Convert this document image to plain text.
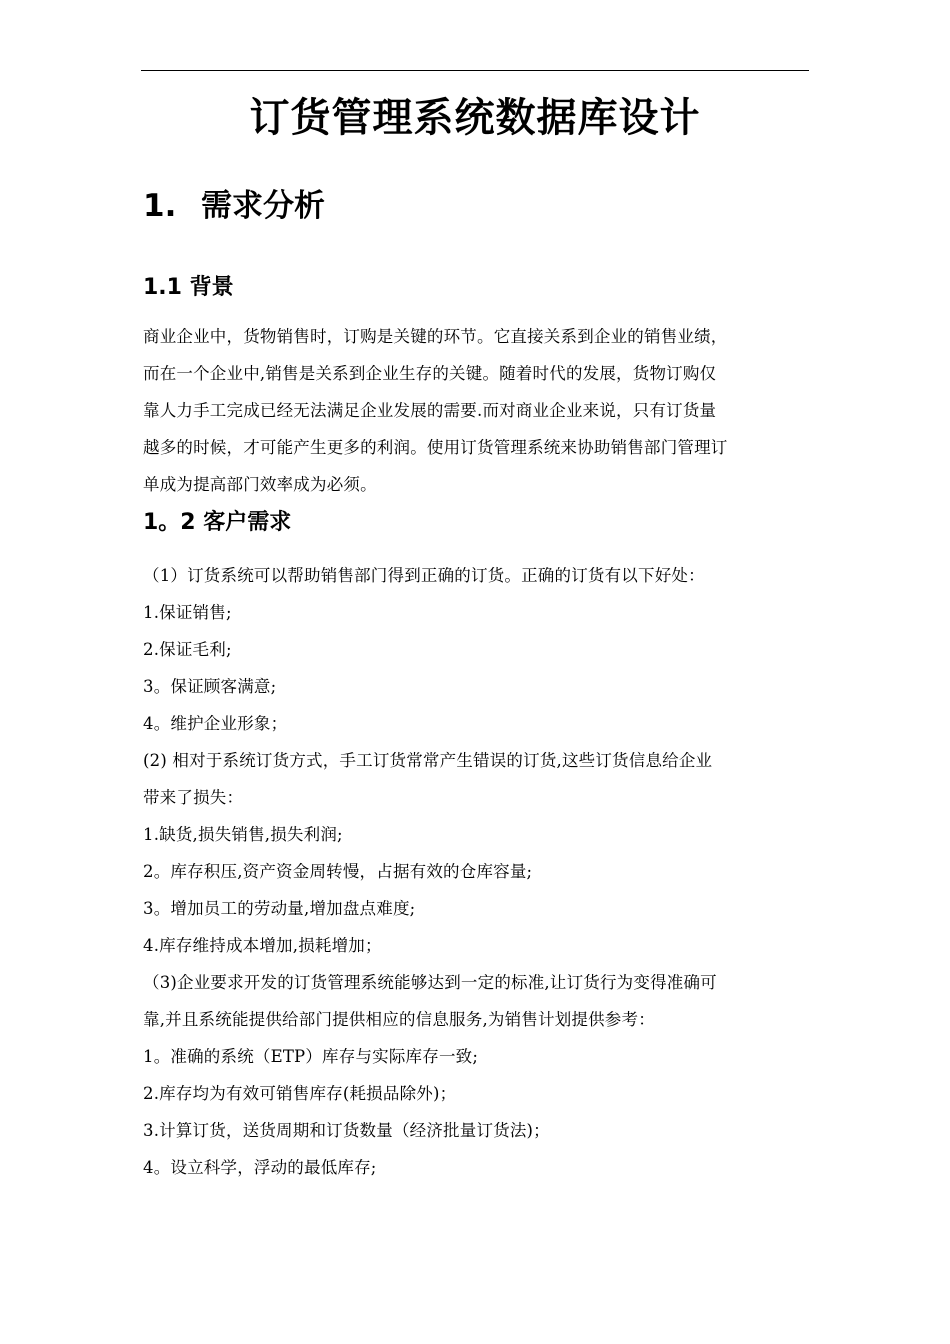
订货管理系统数据库设计
1. 需求分析
1.1 背景
商业企业中，货物销售时，订购是关键的环节。它直接关系到企业的销售业绩，
而在一个企业中,销售是关系到企业生存的关键。随着时代的发展，货物订购仅
靠人力手工完成已经无法满足企业发展的需要.而对商业企业来说，只有订货量
越多的时候，才可能产生更多的利润。使用订货管理系统来协助销售部门管理订
单成为提高部门效率成为必须。
1。2 客户需求
（1）订货系统可以帮助销售部门得到正确的订货。正确的订货有以下好处：
1.保证销售;
2.保证毛利;
3。保证顾客满意;
4。维护企业形象；
(2) 相对于系统订货方式，手工订货常常产生错误的订货,这些订货信息给企业
带来了损失：
1.缺货,损失销售,损失利润;
2。库存积压,资产资金周转慢，占据有效的仓库容量;
3。增加员工的劳动量,增加盘点难度;
4.库存维持成本增加,损耗增加；
（3)企业要求开发的订货管理系统能够达到一定的标准,让订货行为变得准确可
靠,并且系统能提供给部门提供相应的信息服务,为销售计划提供参考：
1。准确的系统（ETP）库存与实际库存一致;
2.库存均为有效可销售库存(耗损品除外)；
3.计算订货，送货周期和订货数量（经济批量订货法)；
4。设立科学，浮动的最低库存;
